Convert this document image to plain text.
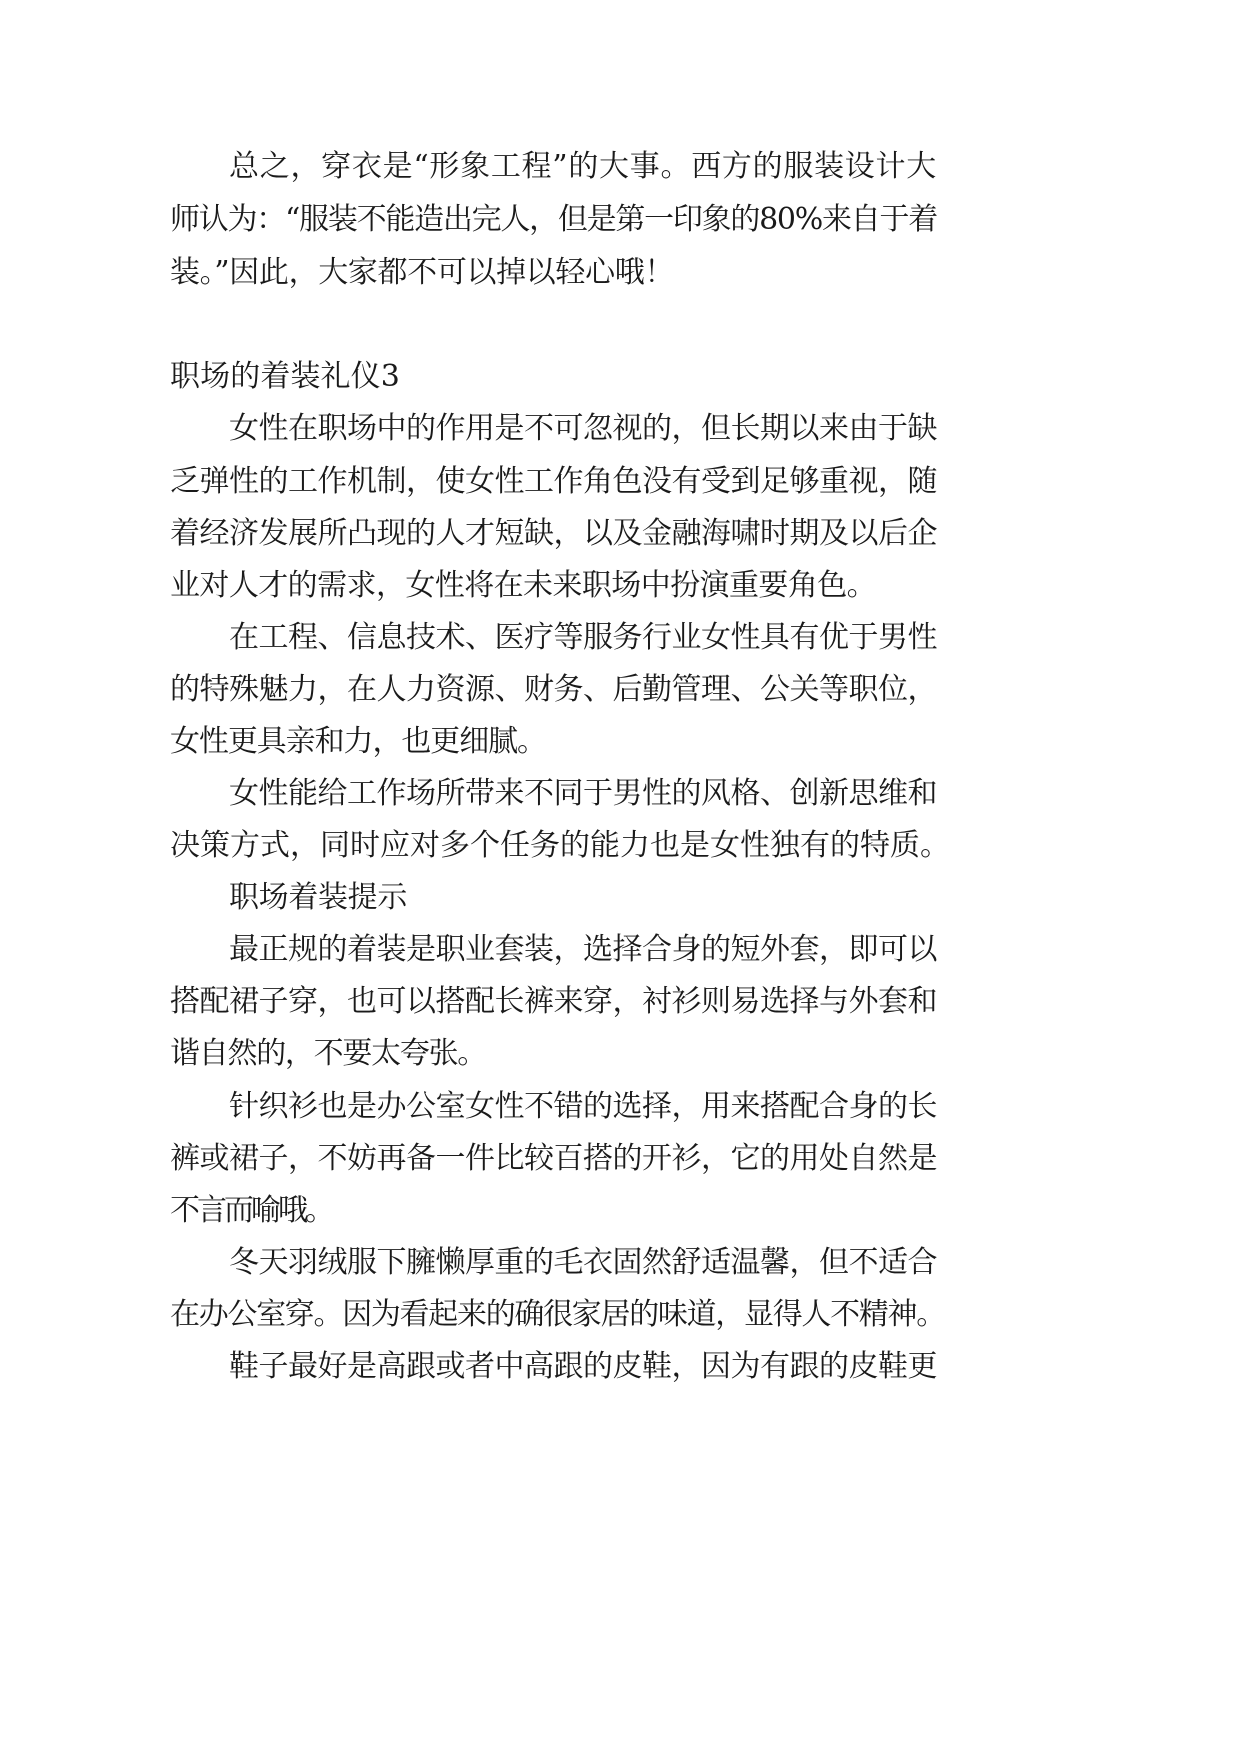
总之，穿衣是“形象工程”的大事。西方的服装设计大
师认为：“服装不能造出完人，但是第一印象的80%来自于着
装。”因此，大家都不可以掉以轻心哦！
职场的着装礼仪3
女性在职场中的作用是不可忽视的，但长期以来由于缺
乏弹性的工作机制，使女性工作角色没有受到足够重视，随
着经济发展所凸现的人才短缺，以及金融海啸时期及以后企
业对人才的需求，女性将在未来职场中扮演重要角色。
在工程、信息技术、医疗等服务行业女性具有优于男性
的特殊魅力，在人力资源、财务、后勤管理、公关等职位，
女性更具亲和力，也更细腻。
女性能给工作场所带来不同于男性的风格、创新思维和
决策方式，同时应对多个任务的能力也是女性独有的特质。
职场着装提示
最正规的着装是职业套装，选择合身的短外套，即可以
搭配裙子穿，也可以搭配长裤来穿，衬衫则易选择与外套和
谐自然的，不要太夸张。
针织衫也是办公室女性不错的选择，用来搭配合身的长
裤或裙子，不妨再备一件比较百搭的开衫，它的用处自然是
不言而喻哦。
冬天羽绒服下臃懒厚重的毛衣固然舒适温馨，但不适合
在办公室穿。因为看起来的确很家居的味道，显得人不精神。
鞋子最好是高跟或者中高跟的皮鞋，因为有跟的皮鞋更
